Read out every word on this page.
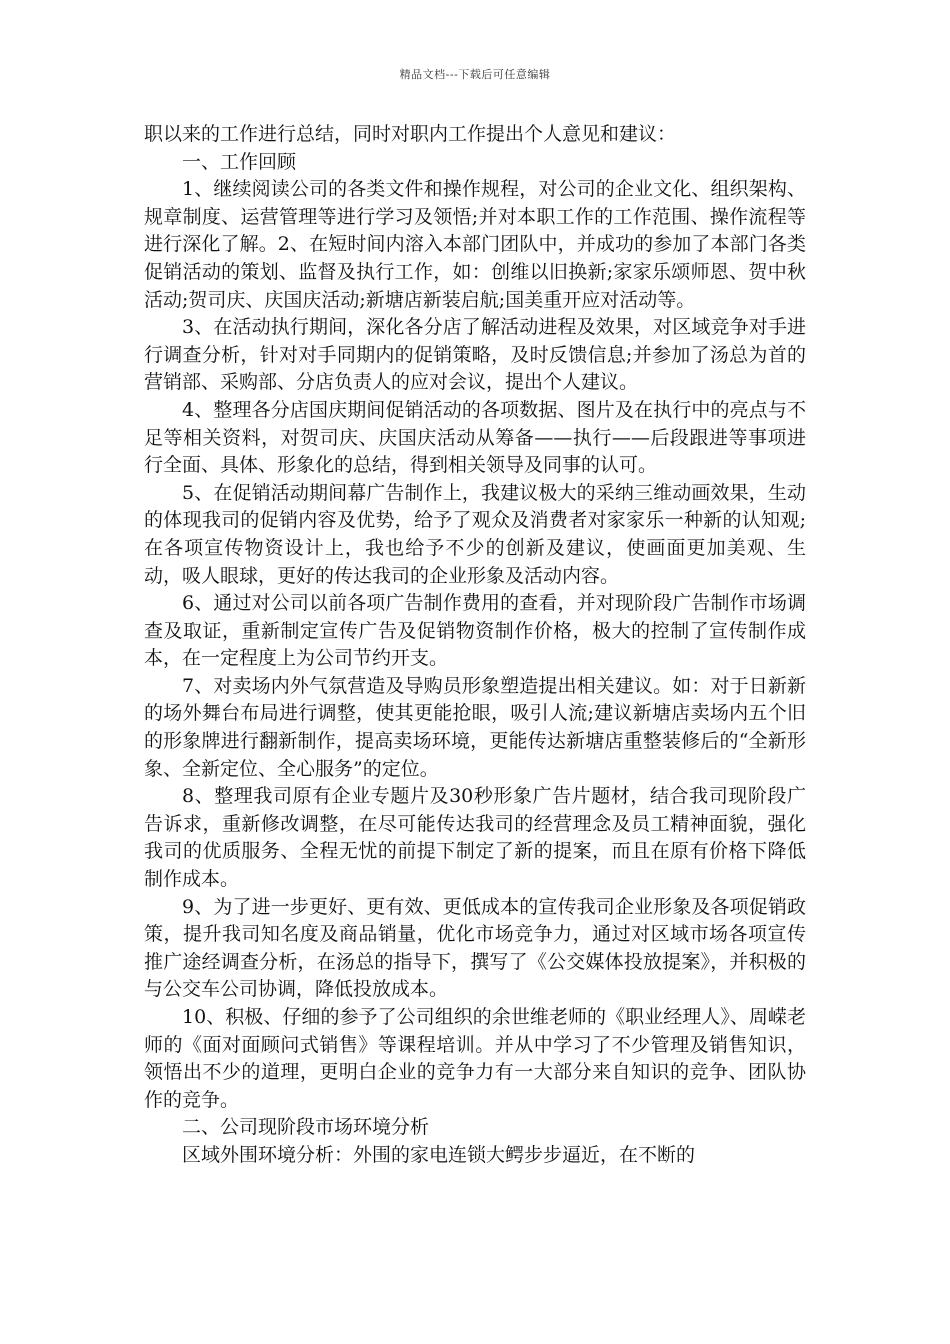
精品文档---下载后可任意编辑

职以来的工作进行总结，同时对职内工作提出个人意见和建议：

一、工作回顾

1、继续阅读公司的各类文件和操作规程，对公司的企业文化、组织架构、规章制度、运营管理等进行学习及领悟;并对本职工作的工作范围、操作流程等进行深化了解。2、在短时间内溶入本部门团队中，并成功的参加了本部门各类促销活动的策划、监督及执行工作，如：创维以旧换新;家家乐颂师恩、贺中秋活动;贺司庆、庆国庆活动;新塘店新装启航;国美重开应对活动等。

3、在活动执行期间，深化各分店了解活动进程及效果，对区域竞争对手进行调查分析，针对对手同期内的促销策略，及时反馈信息;并参加了汤总为首的营销部、采购部、分店负责人的应对会议，提出个人建议。

4、整理各分店国庆期间促销活动的各项数据、图片及在执行中的亮点与不足等相关资料，对贺司庆、庆国庆活动从筹备——执行——后段跟进等事项进行全面、具体、形象化的总结，得到相关领导及同事的认可。

5、在促销活动期间幕广告制作上，我建议极大的采纳三维动画效果，生动的体现我司的促销内容及优势，给予了观众及消费者对家家乐一种新的认知观;在各项宣传物资设计上，我也给予不少的创新及建议，使画面更加美观、生动，吸人眼球，更好的传达我司的企业形象及活动内容。

6、通过对公司以前各项广告制作费用的查看，并对现阶段广告制作市场调查及取证，重新制定宣传广告及促销物资制作价格，极大的控制了宣传制作成本，在一定程度上为公司节约开支。

7、对卖场内外气氛营造及导购员形象塑造提出相关建议。如：对于日新新的场外舞台布局进行调整，使其更能抢眼，吸引人流;建议新塘店卖场内五个旧的形象牌进行翻新制作，提高卖场环境，更能传达新塘店重整装修后的“全新形象、全新定位、全心服务”的定位。

8、整理我司原有企业专题片及30秒形象广告片题材，结合我司现阶段广告诉求，重新修改调整，在尽可能传达我司的经营理念及员工精神面貌，强化我司的优质服务、全程无忧的前提下制定了新的提案，而且在原有价格下降低制作成本。

9、为了进一步更好、更有效、更低成本的宣传我司企业形象及各项促销政策，提升我司知名度及商品销量，优化市场竞争力，通过对区域市场各项宣传推广途经调查分析，在汤总的指导下，撰写了《公交媒体投放提案》，并积极的与公交车公司协调，降低投放成本。

10、积极、仔细的参予了公司组织的余世维老师的《职业经理人》、周嵘老师的《面对面顾问式销售》等课程培训。并从中学习了不少管理及销售知识，领悟出不少的道理，更明白企业的竞争力有一大部分来自知识的竞争、团队协作的竞争。

二、公司现阶段市场环境分析

区域外围环境分析：外围的家电连锁大鳄步步逼近，在不断的
